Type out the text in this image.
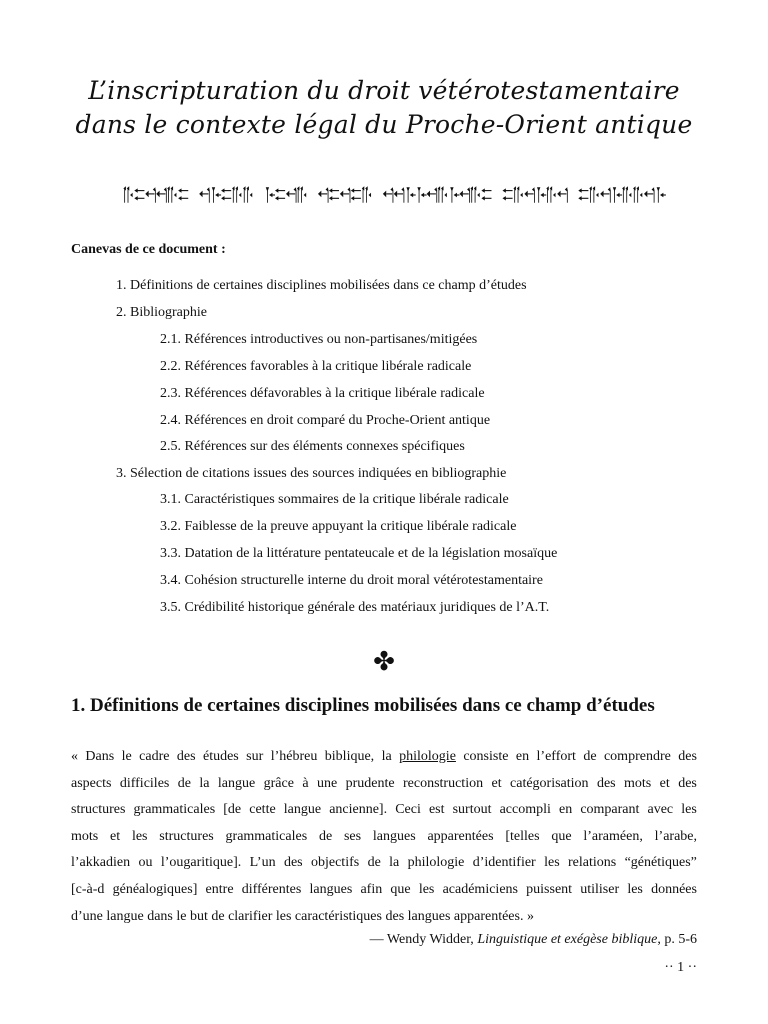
L’inscripturation du droit vétérotestamentaire
dans le contexte légal du Proche-Orient antique
Canevas de ce document :
1. Définitions de certaines disciplines mobilisées dans ce champ d’études
2. Bibliographie
2.1. Références introductives ou non-partisanes/mitigées
2.2. Références favorables à la critique libérale radicale
2.3. Références défavorables à la critique libérale radicale
2.4. Références en droit comparé du Proche-Orient antique
2.5. Références sur des éléments connexes spécifiques
3. Sélection de citations issues des sources indiquées en bibliographie
3.1. Caractéristiques sommaires de la critique libérale radicale
3.2. Faiblesse de la preuve appuyant la critique libérale radicale
3.3. Datation de la littérature pentateucale et de la législation mosaïque
3.4. Cohésion structurelle interne du droit moral vétérotestamentaire
3.5. Crédibilité historique générale des matériaux juridiques de l’A.T.
✤
1. Définitions de certaines disciplines mobilisées dans ce champ d’études
« Dans le cadre des études sur l’hébreu biblique, la philologie consiste en l’effort de comprendre des
aspects difficiles de la langue grâce à une prudente reconstruction et catégorisation des mots et des
structures grammaticales [de cette langue ancienne]. Ceci est surtout accompli en comparant avec les
mots et les structures grammaticales de ses langues apparentées [telles que l’araméen, l’arabe,
l’akkadien ou l’ougaritique]. L’un des objectifs de la philologie d’identifier les relations “génétiques”
[c-à-d généalogiques] entre différentes langues afin que les académiciens puissent utiliser les données
d’une langue dans le but de clarifier les caractéristiques des langues apparentées. »
— Wendy Widder, Linguistique et exégèse biblique, p. 5-6
·· 1 ··
